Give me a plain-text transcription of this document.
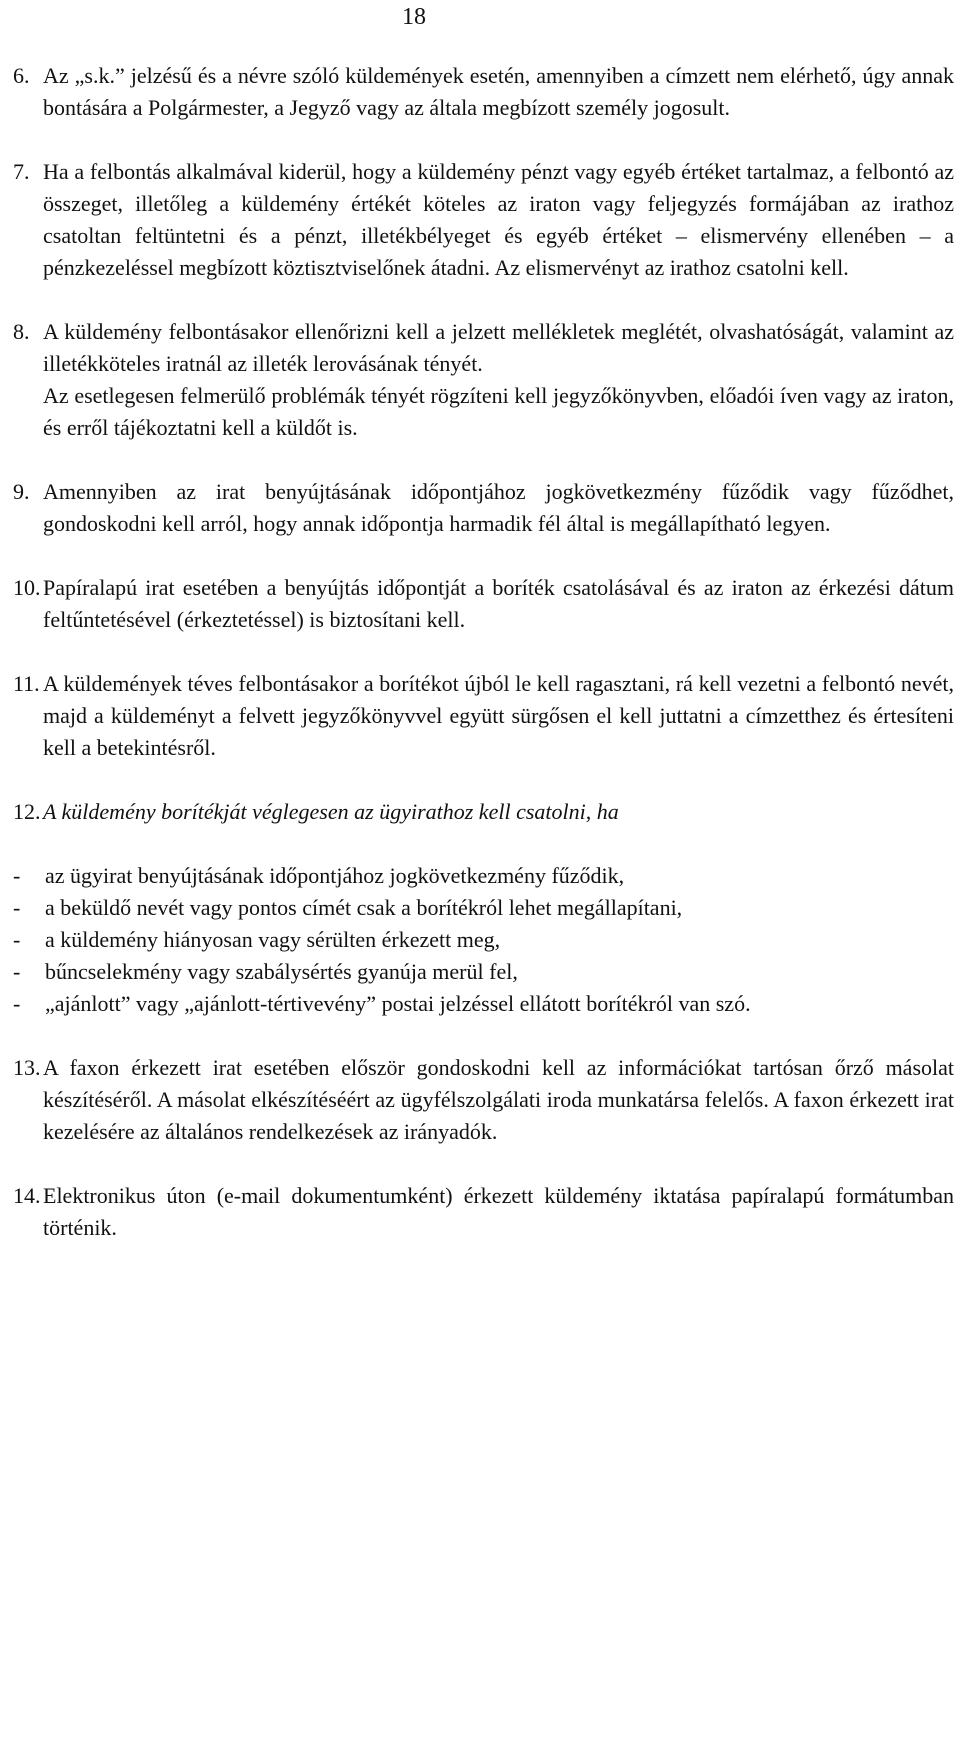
18
6. Az „s.k.” jelzésű és a névre szóló küldemények esetén, amennyiben a címzett nem elérhető, úgy annak bontására a Polgármester, a Jegyző vagy az általa megbízott személy jogosult.
7. Ha a felbontás alkalmával kiderül, hogy a küldemény pénzt vagy egyéb értéket tartalmaz, a felbontó az összeget, illetőleg a küldemény értékét köteles az iraton vagy feljegyzés formájában az irathoz csatoltan feltüntetni és a pénzt, illetékbélyeget és egyéb értéket – elismervény ellenében – a pénzkezeléssel megbízott köztisztviselőnek átadni. Az elismervényt az irathoz csatolni kell.
8. A küldemény felbontásakor ellenőrizni kell a jelzett mellékletek meglétét, olvashatóságát, valamint az illetékköteles iratnál az illeték lerovásának tényét.

Az esetlegesen felmerülő problémák tényét rögzíteni kell jegyzőkönyvben, előadói íven vagy az iraton, és erről tájékoztatni kell a küldőt is.

9. Amennyiben az irat benyújtásának időpontjához jogkövetkezmény fűződik vagy fűződhet, gondoskodni kell arról, hogy annak időpontja harmadik fél által is megállapítható legyen.
10. Papíralapú irat esetében a benyújtás időpontját a boríték csatolásával és az iraton az érkezési dátum feltűntetésével (érkeztetéssel) is biztosítani kell.
11. A küldemények téves felbontásakor a borítékot újból le kell ragasztani, rá kell vezetni a felbontó nevét, majd a küldeményt a felvett jegyzőkönyvvel együtt sürgősen el kell juttatni a címzetthez és értesíteni kell a betekintésről.
12. A küldemény borítékját véglegesen az ügyirathoz kell csatolni, ha
-	az ügyirat benyújtásának időpontjához jogkövetkezmény fűződik,
-	a beküldő nevét vagy pontos címét csak a borítékról lehet megállapítani,
-	a küldemény hiányosan vagy sérülten érkezett meg,
-	bűncselekmény vagy szabálysértés gyanúja merül fel,
-	„ajánlott” vagy „ajánlott-tértivevény” postai jelzéssel ellátott borítékról van szó.
13. A faxon érkezett irat esetében először gondoskodni kell az információkat tartósan őrző másolat készítéséről. A másolat elkészítéséért az ügyfélszolgálati iroda munkatársa felelős. A faxon érkezett irat kezelésére az általános rendelkezések az irányadók.
14. Elektronikus úton (e-mail dokumentumként) érkezett küldemény iktatása papíralapú formátumban történik.
